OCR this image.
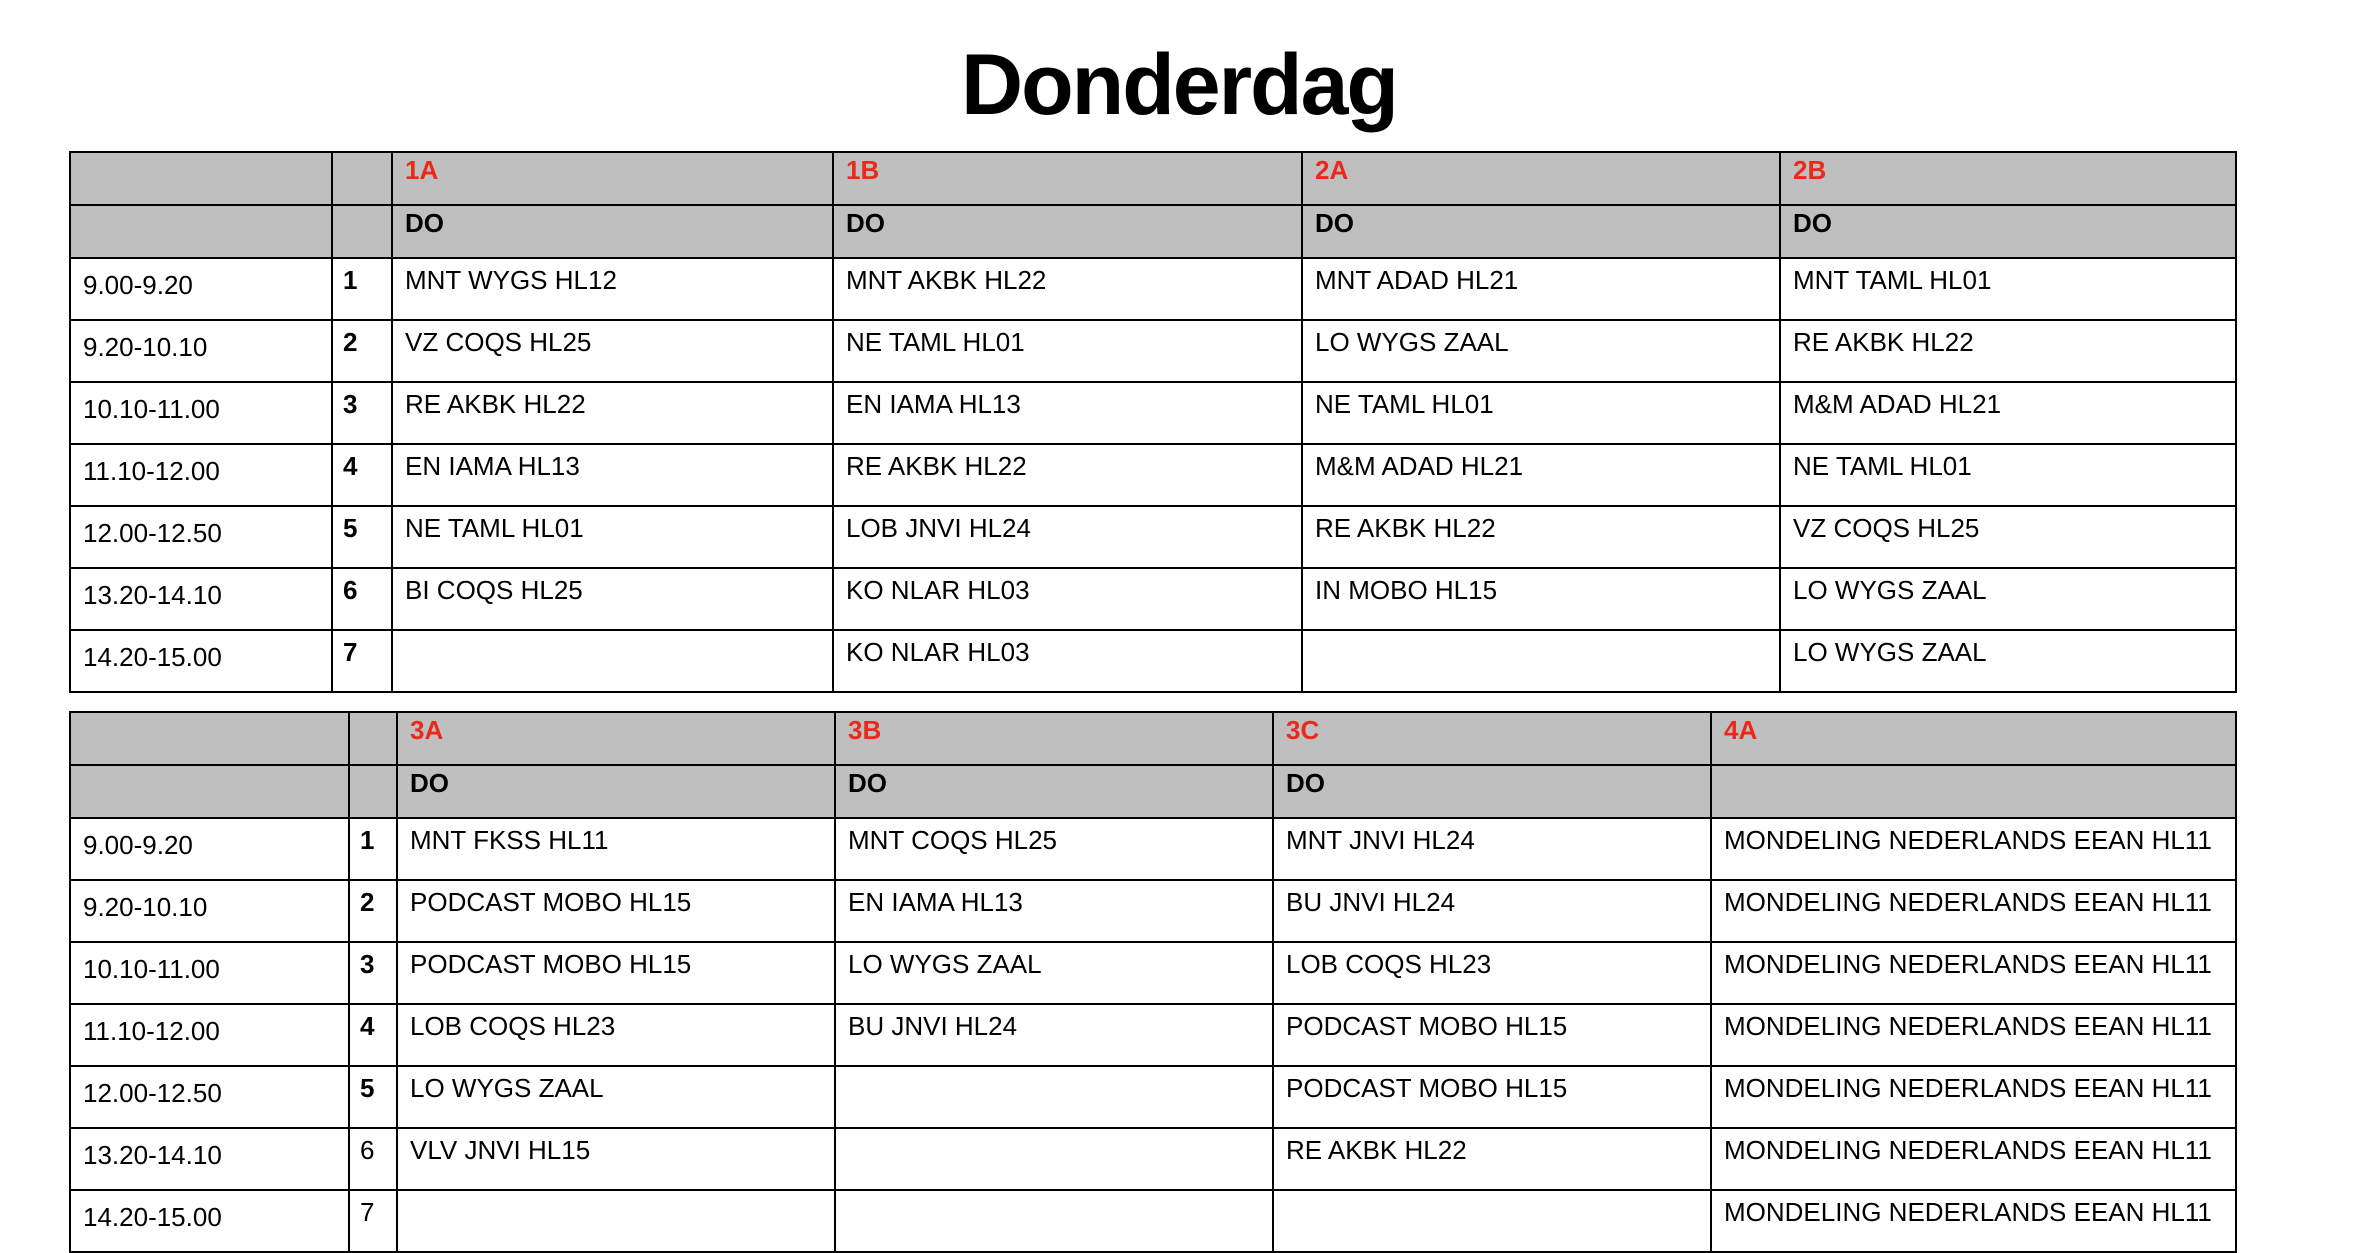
Donderdag
		1A	1B	2A	2B
		DO	DO	DO	DO
9.00-9.20	1	MNT WYGS HL12	MNT AKBK HL22	MNT ADAD HL21	MNT TAML HL01
9.20-10.10	2	VZ COQS HL25	NE TAML HL01	LO WYGS ZAAL	RE AKBK HL22
10.10-11.00	3	RE AKBK HL22	EN IAMA HL13	NE TAML HL01	M&M ADAD HL21
11.10-12.00	4	EN IAMA HL13	RE AKBK HL22	M&M ADAD HL21	NE TAML HL01
12.00-12.50	5	NE TAML HL01	LOB JNVI HL24	RE AKBK HL22	VZ COQS HL25
13.20-14.10	6	BI COQS HL25	KO NLAR HL03	IN MOBO HL15	LO WYGS ZAAL
14.20-15.00	7		KO NLAR HL03		LO WYGS ZAAL
		3A	3B	3C	4A
		DO	DO	DO	
9.00-9.20	1	MNT FKSS HL11	MNT COQS HL25	MNT JNVI HL24	MONDELING NEDERLANDS EEAN HL11
9.20-10.10	2	PODCAST MOBO HL15	EN IAMA HL13	BU JNVI HL24	MONDELING NEDERLANDS EEAN HL11
10.10-11.00	3	PODCAST MOBO HL15	LO WYGS ZAAL	LOB COQS HL23	MONDELING NEDERLANDS EEAN HL11
11.10-12.00	4	LOB COQS HL23	BU JNVI HL24	PODCAST MOBO HL15	MONDELING NEDERLANDS EEAN HL11
12.00-12.50	5	LO WYGS ZAAL		PODCAST MOBO HL15	MONDELING NEDERLANDS EEAN HL11
13.20-14.10	6	VLV JNVI HL15		RE AKBK HL22	MONDELING NEDERLANDS EEAN HL11
14.20-15.00	7				MONDELING NEDERLANDS EEAN HL11
